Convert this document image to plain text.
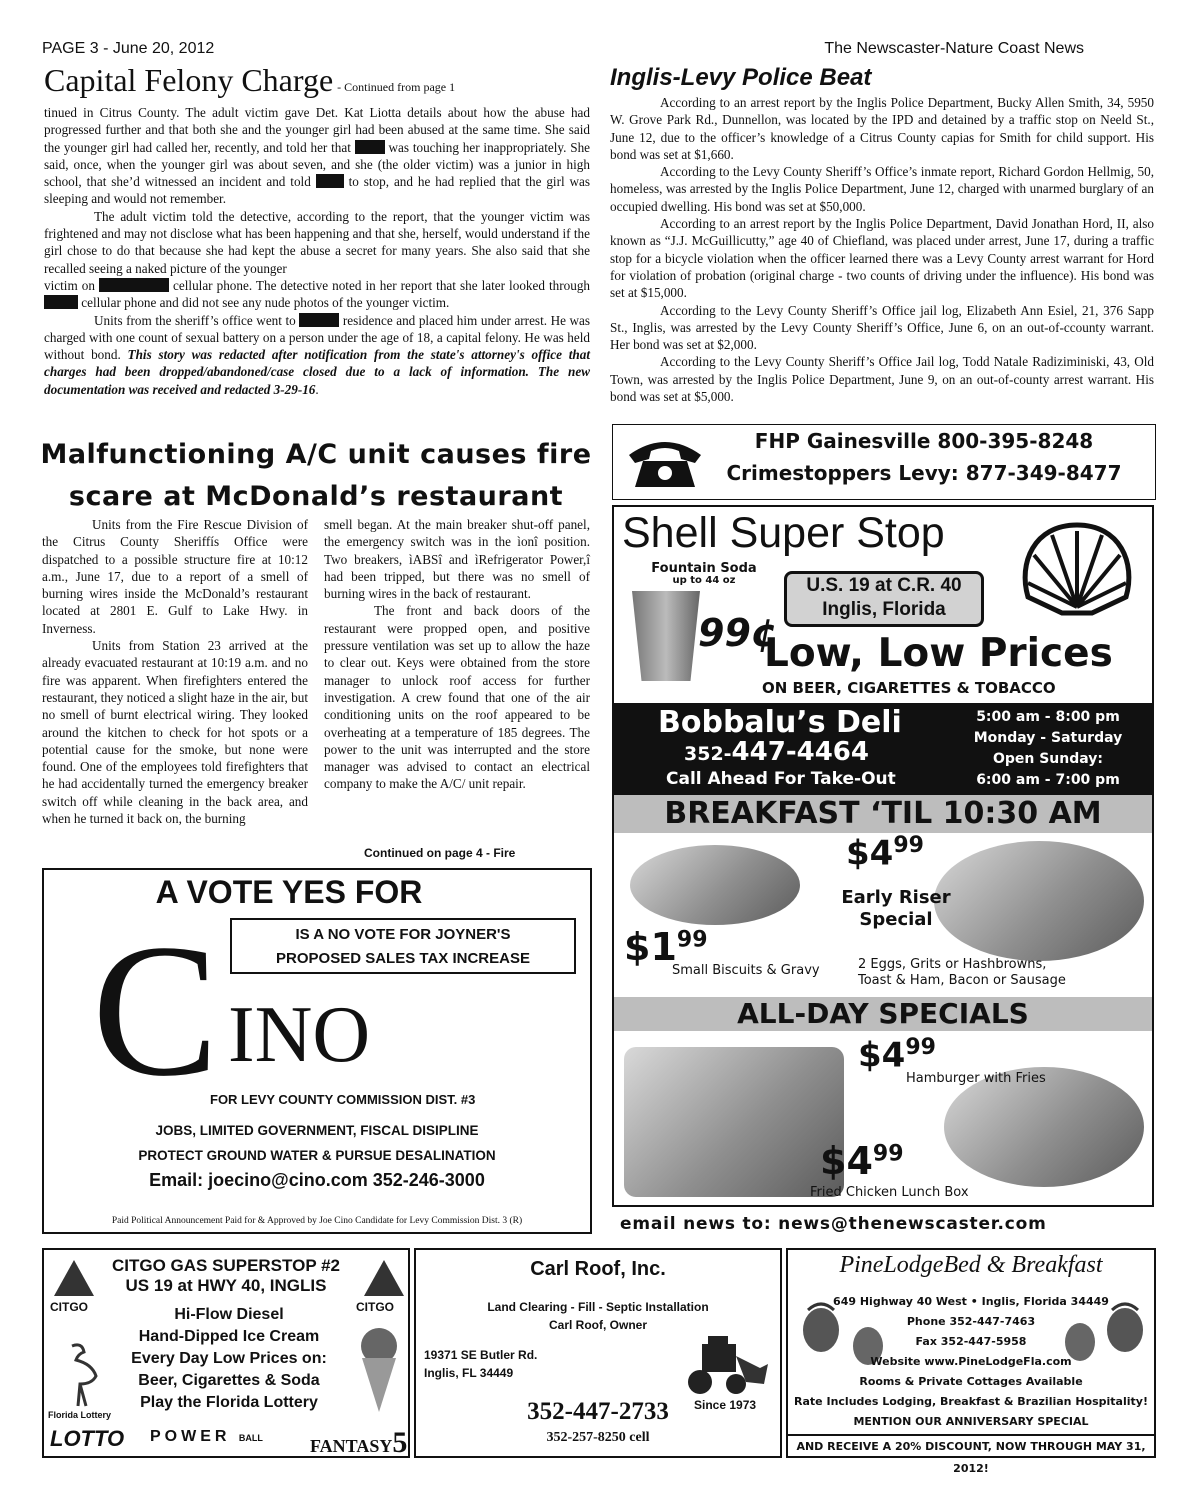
PAGE 3 - June 20, 2012	The Newscaster-Nature Coast News
Capital Felony Charge - Continued from page 1

tinued in Citrus County. The adult victim gave Det. Kat Liotta details about how the abuse had progressed further and that both she and the younger girl had been abused at the same time. She said the younger girl had called her, recently, and told her that	was touching her inappropriately. She said, once, when the younger girl was about seven, and she (the older victim) was a junior in high school, that she’d witnessed an incident and told	to stop, and he had replied that the girl was sleeping and would not remember.

The adult victim told the detective, according to the report, that the younger victim was frightened and may not disclose what has been happening and that she, herself, would understand if the girl chose to do that because she had kept the abuse a secret for many years. She also said that she recalled seeing a naked picture of the younger

victim on	cellular phone. The detective noted in her report that she later looked through  cellular phone and did not see any nude photos of the younger victim.

Units from the sheriff’s office went to	residence and placed him under arrest. He was charged with one count of sexual battery on a person under the age of 18, a capital felony. He was held without bond. This story was redacted after notification from the state's attorney's office that charges had been dropped/abandoned/case closed due to a lack of information. The new documentation was received and redacted 3-29-16.

Malfunctioning A/C unit causes fire
scare at McDonald’s restaurant

Units from the Fire Rescue Division of the Citrus County Sheriffís Office were dispatched to a possible structure fire at 10:12 a.m., June 17, due to a report of a smell of burning wires inside the McDonald’s restaurant located at 2801 E. Gulf to Lake Hwy. in Inverness.

Units from Station 23 arrived at the already evacuated restaurant at 10:19 a.m. and no fire was apparent. When firefighters entered the restaurant, they noticed a slight haze in the air, but no smell of burnt electrical wiring. They looked around the kitchen to check for hot spots or a potential cause for the smoke, but none were found. One of the employees told firefighters that he had accidentally turned the emergency breaker switch off while cleaning in the back area, and when he turned it back on, the burning

smell began. At the main breaker shut-off panel, the emergency switch was in the ìonî position. Two breakers, ìABSî and ìRefrigerator Power,î had been tripped, but there was no smell of burning wires in the back of restaurant.

The front and back doors of the restaurant were propped open, and positive pressure ventilation was set up to allow the haze to clear out. Keys were obtained from the store manager to unlock roof access for further investigation. A crew found that one of the air conditioning units on the roof appeared to be overheating at a temperature of 185 degrees. The power to the unit was interrupted and the store manager was advised to contact an electrical company to make the A/C/ unit repair.

Continued on page 4 - Fire
Inglis-Levy Police Beat

According to an arrest report by the Inglis Police Department, Bucky Allen Smith, 34, 5950 W. Grove Park Rd., Dunnellon, was located by the IPD and detained by a traffic stop on Neeld St., June 12, due to the officer’s knowledge of a Citrus County capias for Smith for child support. His bond was set at $1,660.

According to the Levy County Sheriff’s Office’s inmate report, Richard Gordon Hellmig, 50, homeless, was arrested by the Inglis Police Department, June 12, charged with unarmed burglary of an occupied dwelling. His bond was set at $50,000.

According to an arrest report by the Inglis Police Department, David Jonathan Hord, II, also known as “J.J. McGuillicutty,” age 40 of Chiefland, was placed under arrest, June 17, during a traffic stop for a bicycle violation when the officer learned there was a Levy County arrest warrant for Hord for violation of probation (original charge - two counts of driving under the influence). His bond was set at $15,000.

According to the Levy County Sheriff’s Office jail log, Elizabeth Ann Esiel, 21, 376 Sapp St., Inglis, was arrested by the Levy County Sheriff’s Office, June 6, on an out-of-ccounty warrant. Her bond was set at $2,000.

According to the Levy County Sheriff’s Office Jail log, Todd Natale Radiziminiski, 43, Old Town, was arrested by the Inglis Police Department, June 9, on an out-of-county arrest warrant. His bond was set at $5,000.

FHP Gainesville 800-395-8248
Crimestoppers Levy: 877-349-8477
Shell Super Stop
Fountain Soda
up to 44 oz	U.S. 19 at C.R. 40
Inglis, Florida
99¢
Low, Low Prices
ON BEER, CIGARETTES & TOBACCO
Bobbalu’s Deli
352-447-4464
Call Ahead For Take-Out
5:00 am - 8:00 pm
Monday - Saturday
Open Sunday:
6:00 am - 7:00 pm
BREAKFAST ‘TIL 10:30 AM
$\$4^{99}$
Early Riser
Special
$\$1^{99}$
Small Biscuits & Gravy	2 Eggs, Grits or Hashbrowns,
Toast & Ham, Bacon or Sausage
ALL-DAY SPECIALS
$\$4^{99}$
Hamburger with Fries
$\$4^{99}$
Fried Chicken Lunch Box
email news to: news@thenewscaster.com
A VOTE YES FOR
IS A NO VOTE FOR JOYNER'S
PROPOSED SALES TAX INCREASE
C INO
FOR LEVY COUNTY COMMISSION DIST. #3
JOBS, LIMITED GOVERNMENT, FISCAL DISIPLINE
PROTECT GROUND WATER & PURSUE DESALINATION
Email: joecino@cino.com 352-246-3000
Paid Political Announcement Paid for & Approved by Joe Cino Candidate for Levy Commission Dist. 3 (R)
CITGO GAS SUPERSTOP #2
US 19 at HWY 40, INGLIS
CITGO	CITGO
Hi-Flow Diesel
Hand-Dipped Ice Cream
Every Day Low Prices on:
Beer, Cigarettes & Soda
Play the Florida Lottery
Florida Lottery
LOTTO POWER BALL	FANTASY5
Carl Roof, Inc.
Land Clearing - Fill - Septic Installation
Carl Roof, Owner
19371 SE Butler Rd.
Inglis, FL 34449
Since 1973
352-447-2733
352-257-8250 cell
PineLodgeBed & Breakfast
649 Highway 40 West • Inglis, Florida 34449
Phone 352-447-7463
Fax 352-447-5958
Website www.PineLodgeFla.com
Rooms & Private Cottages Available
Rate Includes Lodging, Breakfast & Brazilian Hospitality!
MENTION OUR ANNIVERSARY SPECIAL
AND RECEIVE A 20% DISCOUNT, NOW THROUGH MAY 31, 2012!
